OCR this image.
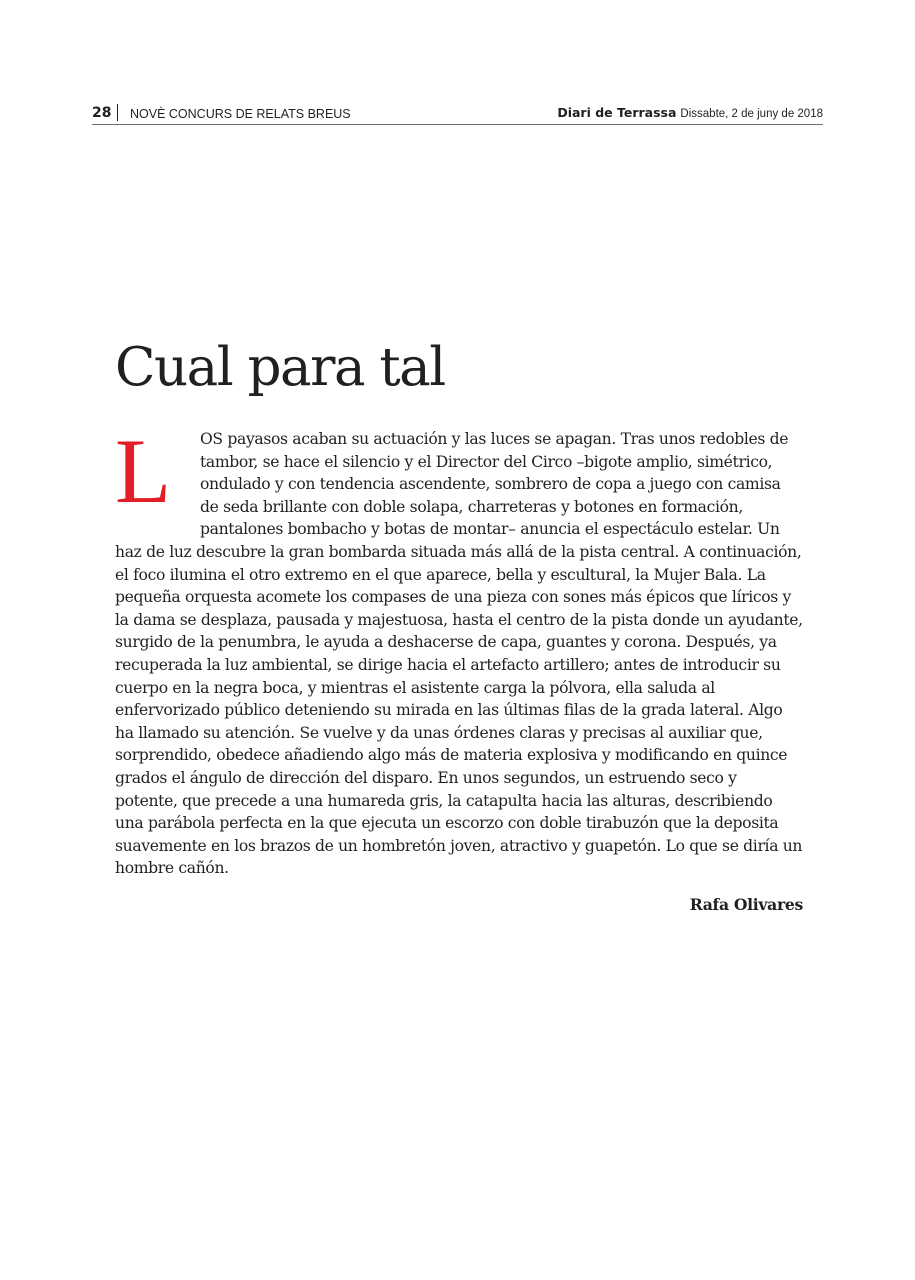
28 NOVÈ CONCURS DE RELATS BREUS	Diari de Terrassa Dissabte, 2 de juny de 2018
Cual para tal

L	OS payasos acaban su actuación y las luces se apagan. Tras unos redobles de tambor, se hace el silencio y el Director del Circo –bigote amplio, simétrico, ondulado y con tendencia ascendente, sombrero de copa a juego con camisa de seda brillante con doble solapa, charreteras y botones en formación, pantalones bombacho y botas de montar– anuncia el espectáculo estelar. Un haz de luz descubre la gran bombarda situada más allá de la pista central. A continuación, el foco ilumina el otro extremo en el que aparece, bella y escultural, la Mujer Bala. La pequeña orquesta acomete los compases de una pieza con sones más épicos que líricos y la dama se desplaza, pausada y majestuosa, hasta el centro de la pista donde un ayudante, surgido de la penumbra, le ayuda a deshacerse de capa, guantes y corona. Después, ya recuperada la luz ambiental, se dirige hacia el artefacto artillero; antes de introducir su cuerpo en la negra boca, y mientras el asistente carga la pólvora, ella saluda al enfervorizado público deteniendo su mirada en las últimas filas de la grada lateral. Algo ha llamado su atención. Se vuelve y da unas órdenes claras y precisas al auxiliar que, sorprendido, obedece añadiendo algo más de materia explosiva y modificando en quince grados el ángulo de dirección del disparo. En unos segundos, un estruendo seco y potente, que precede a una humareda gris, la catapulta hacia las alturas, describiendo una parábola perfecta en la que ejecuta un escorzo con doble tirabuzón que la deposita suavemente en los brazos de un hombretón joven, atractivo y guapetón. Lo que se diría un hombre cañón.

Rafa Olivares
